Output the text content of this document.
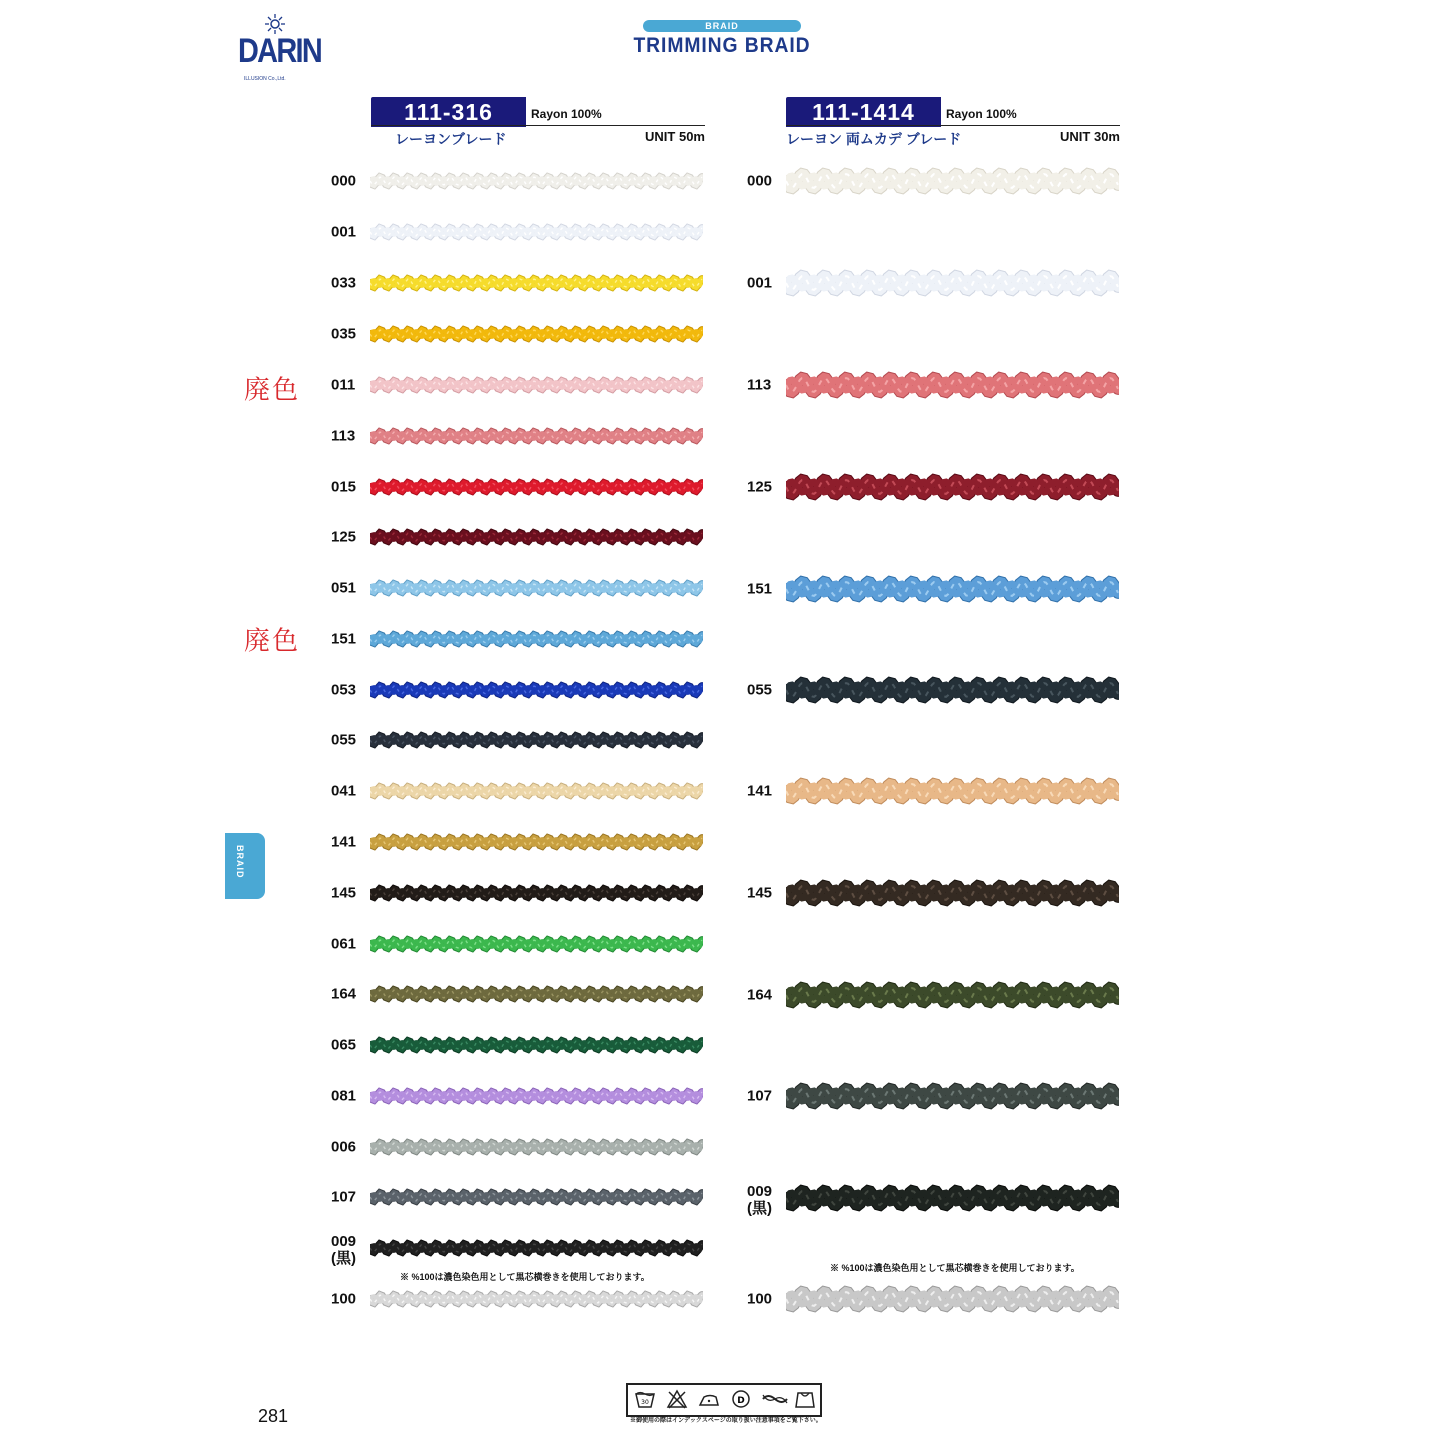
DARIN
ILLUSION Co.,Ltd.
BRAID
TRIMMING BRAID
111-316	Rayon 100%
レーヨンブレード	UNIT 50m
111-1414	Rayon 100%
レーヨン 両ムカデ ブレード	UNIT 30m
000
001
033
035
011
113
015
125
051
151
053
055
041
141
145
061
164
065
081
006
107
009
(黒)
100
000
001
113
125
151
055
141
145
164
107
009
(黒)
100
廃色
廃色
※ %100は濃色染色用として黒芯横巻きを使用しております。
※ %100は濃色染色用として黒芯横巻きを使用しております。
BRAID
281
30	D
※御使用の際はインデックスページの取り扱い注意事項をご覧下さい。
